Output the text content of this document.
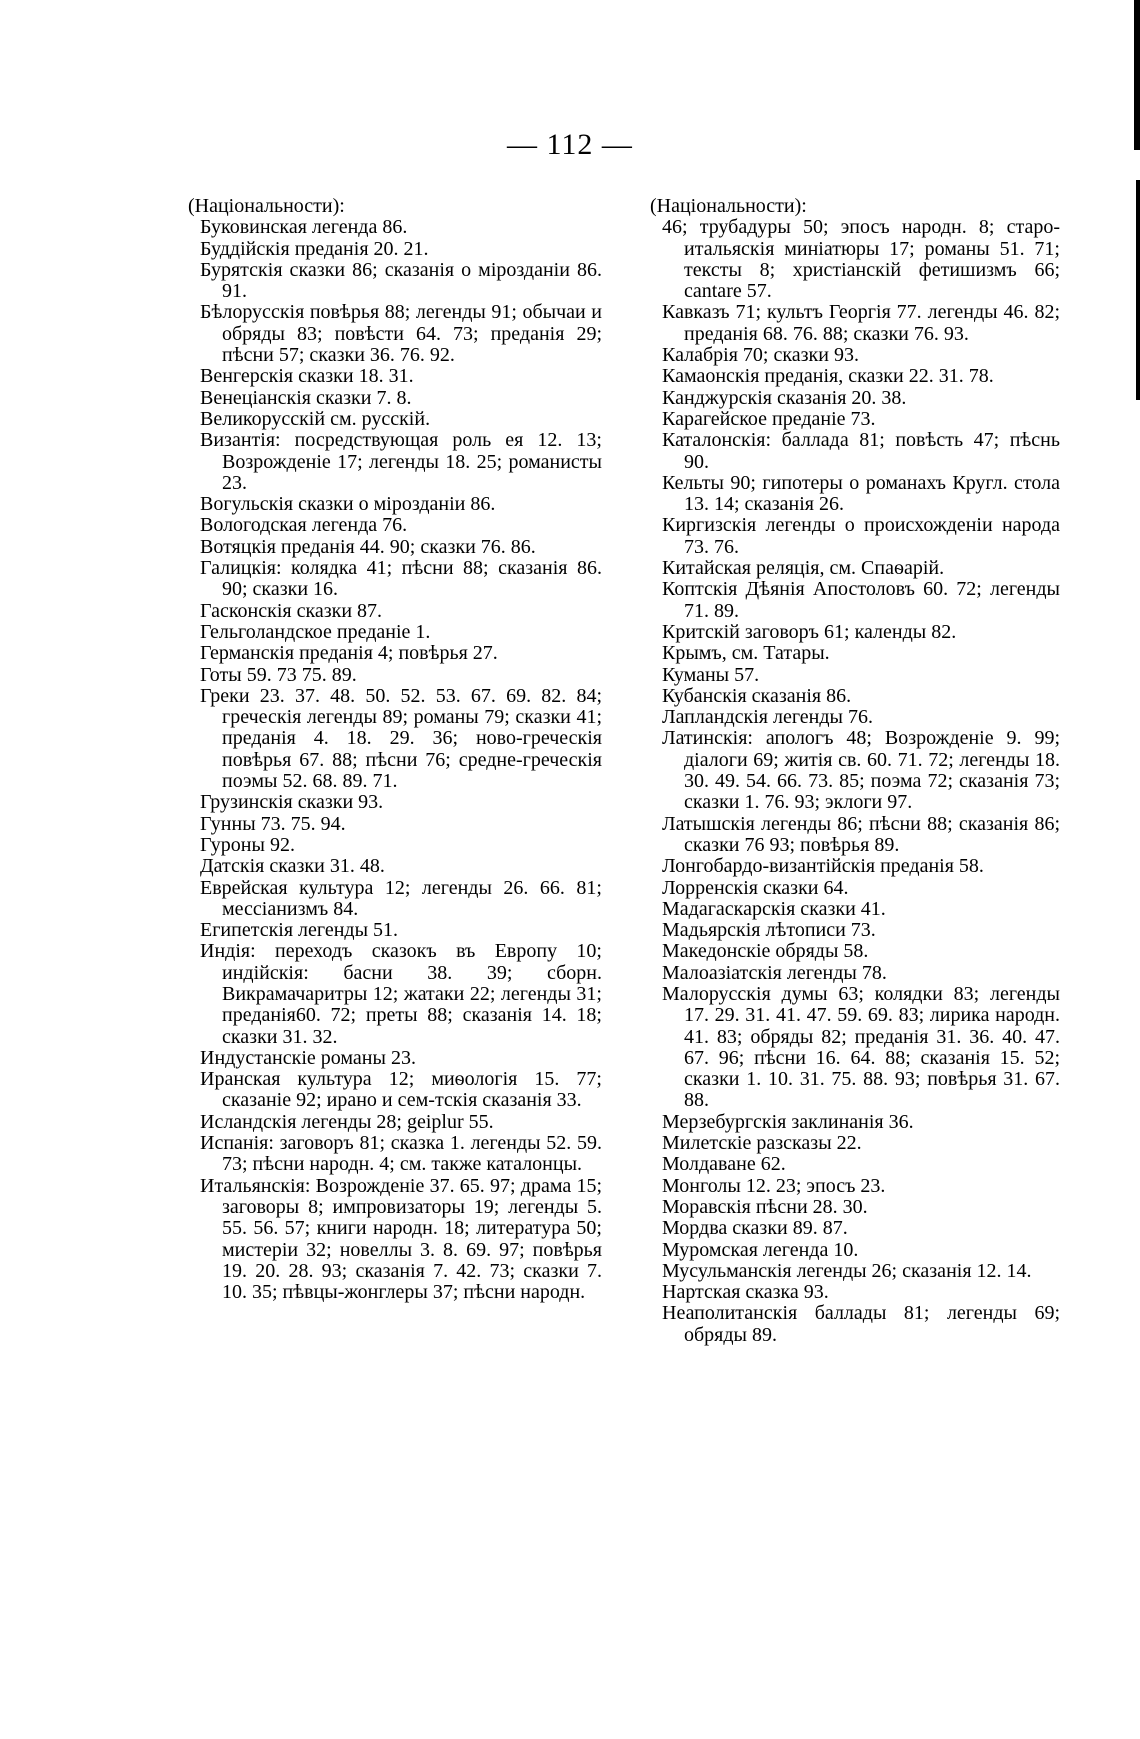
— 112 —
(Національности):
Буковинская легенда 86.
Буддійскія преданія 20. 21.
Бурятскія сказки 86; сказанія о мірозданіи 86. 91.
Бѣлорусскія повѣрья 88; легенды 91; обычаи и обряды 83; повѣсти 64. 73; преданія 29; пѣсни 57; сказки 36. 76. 92.
Венгерскія сказки 18. 31.
Венеціанскія сказки 7. 8.
Великорусскій см. русскій.
Византія: посредствующая роль ея 12. 13; Возрожденіе 17; легенды 18. 25; романисты 23.
Вогульскія сказки о мірозданіи 86.
Вологодская легенда 76.
Вотяцкія преданія 44. 90; сказки 76. 86.
Галицкія: колядка 41; пѣсни 88; сказанія 86. 90; сказки 16.
Гасконскія сказки 87.
Гельголандское преданіе 1.
Германскія преданія 4; повѣрья 27.
Готы 59. 73 75. 89.
Греки 23. 37. 48. 50. 52. 53. 67. 69. 82. 84; греческія легенды 89; романы 79; сказки 41; преданія 4. 18. 29. 36; ново-греческія повѣрья 67. 88; пѣсни 76; средне-греческія поэмы 52. 68. 89. 71.
Грузинскія сказки 93.
Гунны 73. 75. 94.
Гуроны 92.
Датскія сказки 31. 48.
Еврейская культура 12; легенды 26. 66. 81; мессіанизмъ 84.
Египетскія легенды 51.
Индія: переходъ сказокъ въ Европу 10; индійскія: басни 38. 39; сборн. Викрамачаритры 12; жатаки 22; легенды 31; преданія60. 72; преты 88; сказанія 14. 18; сказки 31. 32.
Индустанскіе романы 23.
Иранская культура 12; миѳологія 15. 77; сказаніе 92; ирано и сем-тскія сказанія 33.
Исландскія легенды 28; geiplur 55.
Испанія: заговоръ 81; сказка 1. легенды 52. 59. 73; пѣсни народн. 4; см. также каталонцы.
Итальянскія: Возрожденіе 37. 65. 97; драма 15; заговоры 8; импровизаторы 19; легенды 5. 55. 56. 57; книги народн. 18; литература 50; мистеріи 32; новеллы 3. 8. 69. 97; повѣрья 19. 20. 28. 93; сказанія 7. 42. 73; сказки 7. 10. 35; пѣвцы-жонглеры 37; пѣсни народн.
(Національности):
46; трубадуры 50; эпосъ народн. 8; старо-итальяскія миніатюры 17; романы 51. 71; тексты 8; христіанскій фетишизмъ 66; cantare 57.
Кавказъ 71; культъ Георгія 77. легенды 46. 82; преданія 68. 76. 88; сказки 76. 93.
Калабрія 70; сказки 93.
Камаонскія преданія, сказки 22. 31. 78.
Канджурскія сказанія 20. 38.
Карагейское преданіе 73.
Каталонскія: баллада 81; повѣсть 47; пѣснь 90.
Кельты 90; гипотеры о романахъ Кругл. стола 13. 14; сказанія 26.
Киргизскія легенды о происхожденіи народа 73. 76.
Китайская реляція, см. Спаѳарій.
Коптскія Дѣянія Апостоловъ 60. 72; легенды 71. 89.
Критскій заговоръ 61; календы 82.
Крымъ, см. Татары.
Куманы 57.
Кубанскія сказанія 86.
Лапландскія легенды 76.
Латинскія: апологъ 48; Возрожденіе 9. 99; діалоги 69; житія св. 60. 71. 72; легенды 18. 30. 49. 54. 66. 73. 85; поэма 72; сказанія 73; сказки 1. 76. 93; эклоги 97.
Латышскія легенды 86; пѣсни 88; сказанія 86; сказки 76 93; повѣрья 89.
Лонгобардо-византійскія преданія 58.
Лорренскія сказки 64.
Мадагаскарскія сказки 41.
Мадьярскія лѣтописи 73.
Македонскіе обряды 58.
Малоазіатскія легенды 78.
Малорусскія думы 63; колядки 83; легенды 17. 29. 31. 41. 47. 59. 69. 83; лирика народн. 41. 83; обряды 82; преданія 31. 36. 40. 47. 67. 96; пѣсни 16. 64. 88; сказанія 15. 52; сказки 1. 10. 31. 75. 88. 93; повѣрья 31. 67. 88.
Мерзебургскія заклинанія 36.
Милетскіе разсказы 22.
Молдаване 62.
Монголы 12. 23; эпосъ 23.
Моравскія пѣсни 28. 30.
Мордва сказки 89. 87.
Муромская легенда 10.
Мусульманскія легенды 26; сказанія 12. 14.
Нартская сказка 93.
Неаполитанскія баллады 81; легенды 69; обряды 89.
